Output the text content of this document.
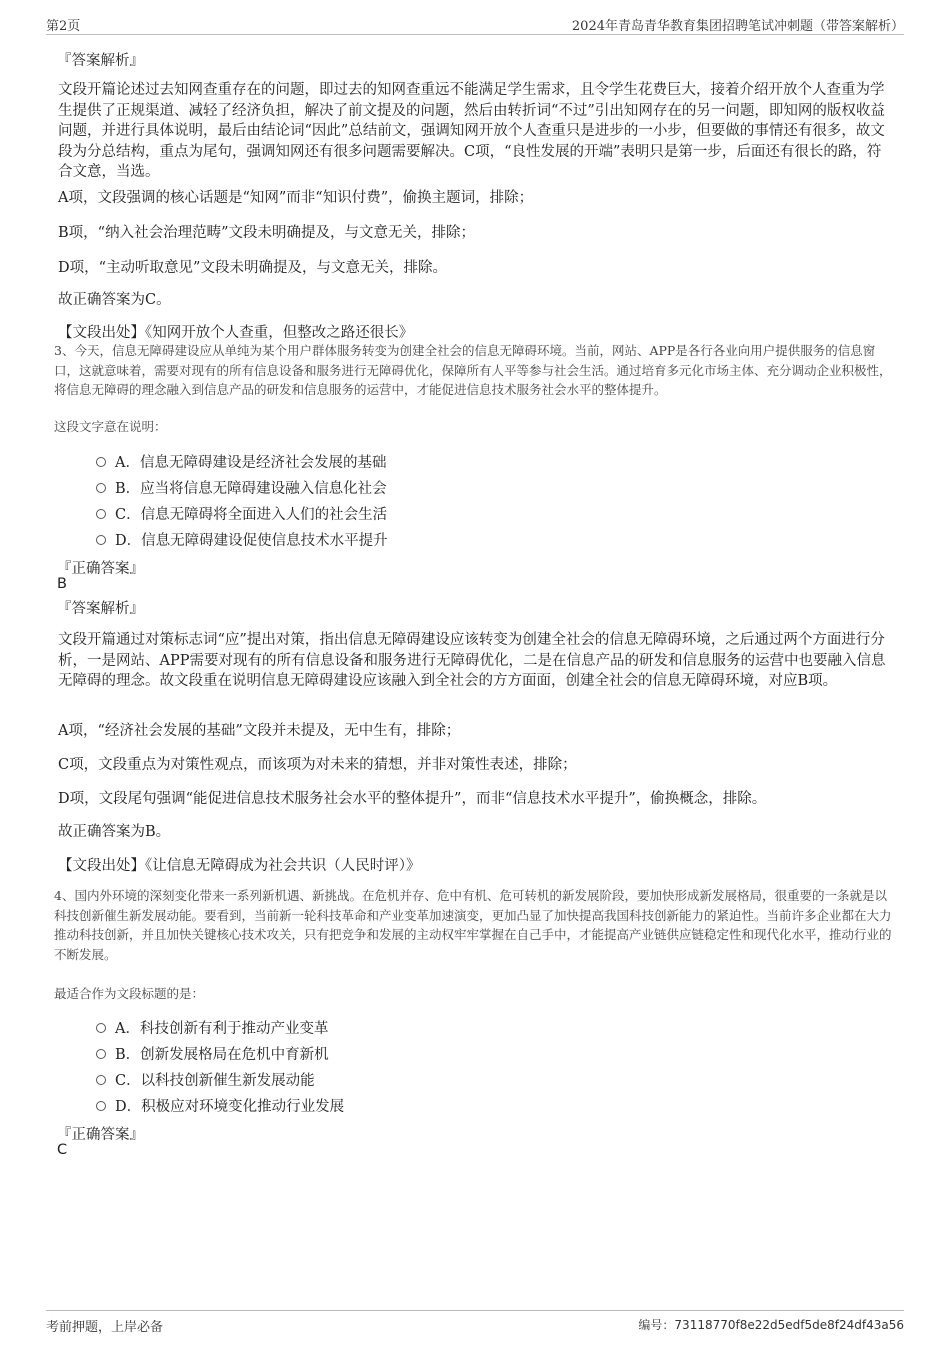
第2页	2024年青岛青华教育集团招聘笔试冲刺题（带答案解析）
『答案解析』
文段开篇论述过去知网查重存在的问题，即过去的知网查重远不能满足学生需求，且令学生花费巨大，接着介绍开放个人查重为学生提供了正规渠道、减轻了经济负担，解决了前文提及的问题，然后由转折词“不过”引出知网存在的另一问题，即知网的版权收益问题，并进行具体说明，最后由结论词“因此”总结前文，强调知网开放个人查重只是进步的一小步，但要做的事情还有很多，故文段为分总结构，重点为尾句，强调知网还有很多问题需要解决。C项，“良性发展的开端”表明只是第一步，后面还有很长的路，符合文意，当选。
A项，文段强调的核心话题是“知网”而非“知识付费”，偷换主题词，排除；
B项，“纳入社会治理范畴”文段未明确提及，与文意无关，排除；
D项，“主动听取意见”文段未明确提及，与文意无关，排除。
故正确答案为C。
【文段出处】《知网开放个人查重，但整改之路还很长》
3、今天，信息无障碍建设应从单纯为某个用户群体服务转变为创建全社会的信息无障碍环境。当前，网站、APP是各行各业向用户提供服务的信息窗口，这就意味着，需要对现有的所有信息设备和服务进行无障碍优化，保障所有人平等参与社会生活。通过培育多元化市场主体、充分调动企业积极性，将信息无障碍的理念融入到信息产品的研发和信息服务的运营中，才能促进信息技术服务社会水平的整体提升。
这段文字意在说明：
A．信息无障碍建设是经济社会发展的基础
B．应当将信息无障碍建设融入信息化社会
C．信息无障碍将全面进入人们的社会生活
D．信息无障碍建设促使信息技术水平提升
『正确答案』
B
『答案解析』
文段开篇通过对策标志词“应”提出对策，指出信息无障碍建设应该转变为创建全社会的信息无障碍环境，之后通过两个方面进行分析，一是网站、APP需要对现有的所有信息设备和服务进行无障碍优化，二是在信息产品的研发和信息服务的运营中也要融入信息无障碍的理念。故文段重在说明信息无障碍建设应该融入到全社会的方方面面，创建全社会的信息无障碍环境，对应B项。
A项，“经济社会发展的基础”文段并未提及，无中生有，排除；
C项，文段重点为对策性观点，而该项为对未来的猜想，并非对策性表述，排除；
D项，文段尾句强调“能促进信息技术服务社会水平的整体提升”，而非“信息技术水平提升”，偷换概念，排除。
故正确答案为B。
【文段出处】《让信息无障碍成为社会共识（人民时评）》
4、国内外环境的深刻变化带来一系列新机遇、新挑战。在危机并存、危中有机、危可转机的新发展阶段，要加快形成新发展格局，很重要的一条就是以科技创新催生新发展动能。要看到，当前新一轮科技革命和产业变革加速演变，更加凸显了加快提高我国科技创新能力的紧迫性。当前许多企业都在大力推动科技创新，并且加快关键核心技术攻关，只有把竞争和发展的主动权牢牢掌握在自己手中，才能提高产业链供应链稳定性和现代化水平，推动行业的不断发展。
最适合作为文段标题的是：
A．科技创新有利于推动产业变革
B．创新发展格局在危机中育新机
C．以科技创新催生新发展动能
D．积极应对环境变化推动行业发展
『正确答案』
C
考前押题，上岸必备	编号：73118770f8e22d5edf5de8f24df43a56
